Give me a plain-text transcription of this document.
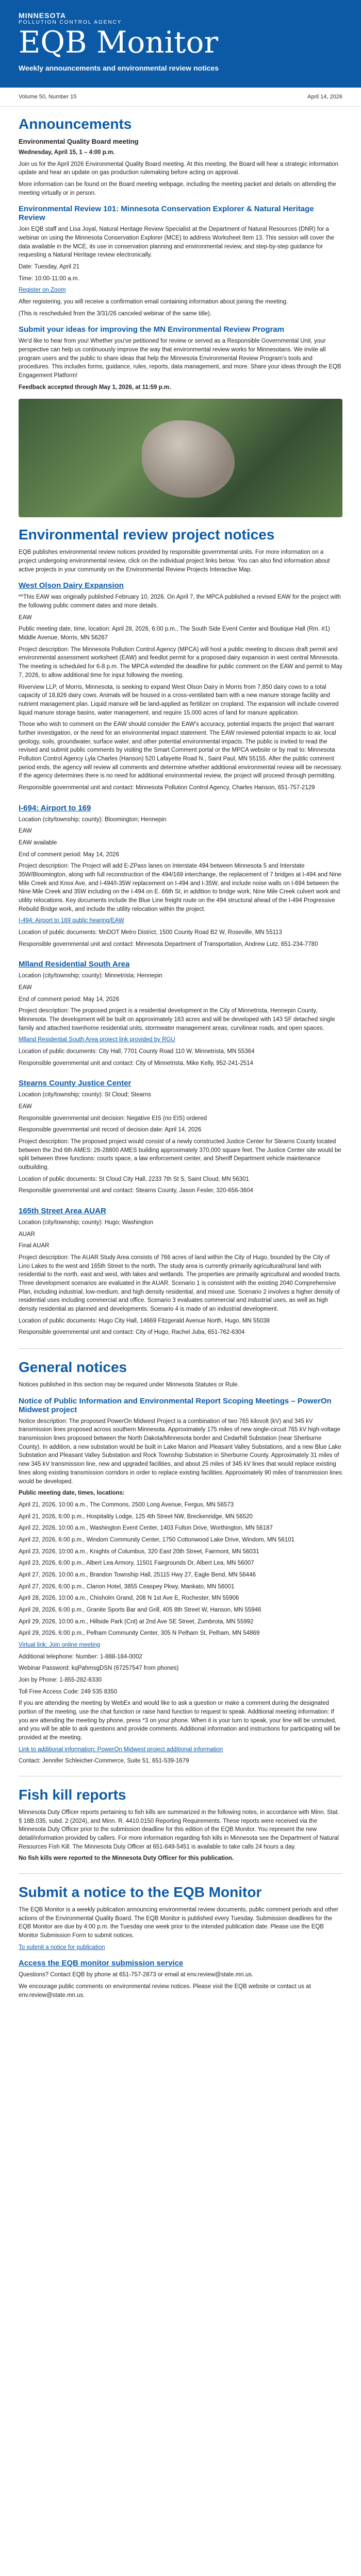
MINNESOTA
POLLUTION CONTROL AGENCY
EQB Monitor
Weekly announcements and environmental review notices
Volume 50, Number 15	April 14, 2026
Announcements
Environmental Quality Board meeting

Wednesday, April 15, 1 – 4:00 p.m.

Join us for the April 2026 Environmental Quality Board meeting. At this meeting, the Board will hear a strategic information update and hear an update on gas production rulemaking before acting on approval.

More information can be found on the Board meeting webpage, including the meeting packet and details on attending the meeting virtually or in person.

Environmental Review 101: Minnesota Conservation Explorer & Natural Heritage Review

Join EQB staff and Lisa Joyal, Natural Heritage Review Specialist at the Department of Natural Resources (DNR) for a webinar on using the Minnesota Conservation Explorer (MCE) to address Worksheet Item 13. This session will cover the data available in the MCE, its use in conservation planning and environmental review, and step-by-step guidance for requesting a Natural Heritage review electronically.

Date: Tuesday, April 21

Time: 10:00-11:00 a.m.

Register on Zoom

After registering, you will receive a confirmation email containing information about joining the meeting.

(This is rescheduled from the 3/31/26 canceled webinar of the same title).

Submit your ideas for improving the MN Environmental Review Program

We'd like to hear from you! Whether you've petitioned for review or served as a Responsible Governmental Unit, your perspective can help us continuously improve the way that environmental review works for Minnesotans. We invite all program users and the public to share ideas that help the Minnesota Environmental Review Program's tools and procedures. This includes forms, guidance, rules, reports, data management, and more. Share your ideas through the EQB Engagement Platform!

Feedback accepted through May 1, 2026, at 11:59 p.m.

Environmental review project notices

EQB publishes environmental review notices provided by responsible governmental units. For more information on a project undergoing environmental review, click on the individual project links below. You can also find information about active projects in your community on the Environmental Review Projects Interactive Map.

West Olson Dairy Expansion

**This EAW was originally published February 10, 2026. On April 7, the MPCA published a revised EAW for the project with the following public comment dates and more details.

EAW

Public meeting date, time, location: April 28, 2026, 6:00 p.m., The South Side Event Center and Boutique Hall (Rm. #1) Middle Avenue, Morris, MN 56267

Project description: The Minnesota Pollution Control Agency (MPCA) will host a public meeting to discuss draft permit and environmental assessment worksheet (EAW) and feedlot permit for a proposed dairy expansion in west central Minnesota. The meeting is scheduled for 6-8 p.m. The MPCA extended the deadline for public comment on the EAW and permit to May 7, 2026, to allow additional time for input following the meeting.

Riverview LLP, of Morris, Minnesota, is seeking to expand West Olson Dairy in Morris from 7,850 dairy cows to a total capacity of 18,826 dairy cows. Animals will be housed in a cross-ventilated barn with a new manure storage facility and nutrient management plan. Liquid manure will be land-applied as fertilizer on cropland. The expansion will include covered liquid manure storage basins, water management, and require 15,000 acres of land for manure application.

Those who wish to comment on the EAW should consider the EAW's accuracy, potential impacts the project that warrant further investigation, or the need for an environmental impact statement. The EAW reviewed potential impacts to air, local geology, soils, groundwater, surface water, and other potential environmental impacts. The public is invited to read the revised and submit public comments by visiting the Smart Comment portal or the MPCA website or by mail to: Minnesota Pollution Control Agency Lyla Charles (Hanson) 520 Lafayette Road N., Saint Paul, MN 55155. After the public comment period ends, the agency will review all comments and determine whether additional environmental review will be necessary. If the agency determines there is no need for additional environmental review, the project will proceed through permitting.

Responsible governmental unit and contact: Minnesota Pollution Control Agency, Charles Hanson, 651-757-2129

I-694: Airport to 169

Location (city/township; county): Bloomington; Hennepin

EAW

EAW available

End of comment period: May 14, 2026

Project description: The Project will add E-ZPass lanes on Interstate 494 between Minnesota 5 and Interstate 35W/Bloomington, along with full reconstruction of the 494/169 interchange, the replacement of 7 bridges at I-494 and Nine Mile Creek and Knox Ave, and I-494/I-35W replacement on I-494 and I-35W, and include noise walls on I-694 between the Nine Mile Creek and 35W including on the I-494 on E. 66th St, in addition to bridge work, Nine Mile Creek culvert work and utility relocations. Key documents include the Blue Line freight route on the 494 structural ahead of the I-494 Progressive Rebuild Bridge work, and include the utility relocation within the project.

I-494: Airport to 169 public hearing/EAW

Location of public documents: MnDOT Metro District, 1500 County Road B2 W, Roseville, MN 55113

Responsible governmental unit and contact: Minnesota Department of Transportation, Andrew Lutz, 651-234-7780

Mlland Residential South Area

Location (city/township; county): Minnetrista; Hennepin

EAW

End of comment period: May 14, 2026

Project description: The proposed project is a residential development in the City of Minnetrista, Hennepin County, Minnesota. The development will be built on approximately 163 acres and will be developed with 143 SF detached single family and attached townhome residential units, stormwater management areas, curvilinear roads, and open spaces.

Mlland Residential South Area project link provided by RGU

Location of public documents: City Hall, 7701 County Road 110 W, Minnetrista, MN 55364

Responsible governmental unit and contact: City of Minnetrista, Mike Kelly, 952-241-2514

Stearns County Justice Center

Location (city/township; county): St Cloud; Stearns

EAW

Responsible governmental unit decision: Negative EIS (no EIS) ordered

Responsible governmental unit record of decision date: April 14, 2026

Project description: The proposed project would consist of a newly constructed Justice Center for Stearns County located between the 2nd 6th AMES: 26-28800 AMES building approximately 370,000 square feet. The Justice Center site would be split between three functions: courts space, a law enforcement center, and Sheriff Department vehicle maintenance outbuilding.

Location of public documents: St Cloud City Hall, 2233 7th St S, Saint Cloud, MN 56301

Responsible governmental unit and contact: Stearns County, Jason Fesler, 320-656-3604

165th Street Area AUAR

Location (city/township; county): Hugo; Washington

AUAR

Final AUAR

Project description: The AUAR Study Area consists of 766 acres of land within the City of Hugo, bounded by the City of Lino Lakes to the west and 165th Street to the north. The study area is currently primarily agricultural/rural land with residential to the north, east and west, with lakes and wetlands. The properties are primarily agricultural and wooded tracts. Three development scenarios are evaluated in the AUAR. Scenario 1 is consistent with the existing 2040 Comprehensive Plan, including industrial, low-medium, and high density residential, and mixed use. Scenario 2 involves a higher density of residential uses including commercial and office. Scenario 3 evaluates commercial and industrial uses, as well as high density residential as planned and developments. Scenario 4 is made of an industrial development.

Location of public documents: Hugo City Hall, 14669 Fitzgerald Avenue North, Hugo, MN 55038

Responsible governmental unit and contact: City of Hugo, Rachel Juba, 651-762-6304

General notices

Notices published in this section may be required under Minnesota Statutes or Rule.

Notice of Public Information and Environmental Report Scoping Meetings – PowerOn Midwest project

Notice description: The proposed PowerOn Midwest Project is a combination of two 765 kilovolt (kV) and 345 kV transmission lines proposed across southern Minnesota. Approximately 175 miles of new single-circuit 765 kV high-voltage transmission lines proposed between the North Dakota/Minnesota border and Cedarhill Substation (near Sherburne County). In addition, a new substation would be built in Lake Marion and Pleasant Valley Substations, and a new Blue Lake Substation and Pleasant Valley Substation and Rock Township Substation in Sherburne County. Approximately 31 miles of new 345 kV transmission line, new and upgraded facilities, and about 25 miles of 345 kV lines that would replace existing lines along existing transmission corridors in order to replace existing facilities. Approximately 90 miles of transmission lines would be developed.

Public meeting date, times, locations:

April 21, 2026, 10:00 a.m., The Commons, 2500 Long Avenue, Fergus, MN 56573

April 21, 2026, 6:00 p.m., Hospitality Lodge, 125 4th Street NW, Breckenridge, MN 56520

April 22, 2026, 10:00 a.m., Washington Event Center, 1403 Fulton Drive, Worthington, MN 56187

April 22, 2026, 6:00 p.m., Windom Community Center, 1750 Cottonwood Lake Drive, Windom, MN 56101

April 23, 2026, 10:00 a.m., Knights of Columbus, 320 East 20th Street, Fairmont, MN 56031

April 23, 2026, 6:00 p.m., Albert Lea Armory, 11501 Fairgrounds Dr, Albert Lea, MN 56007

April 27, 2026, 10:00 a.m., Brandon Township Hall, 25115 Hwy 27, Eagle Bend, MN 56446

April 27, 2026, 6:00 p.m., Clarion Hotel, 3855 Ceaspey Pkwy, Mankato, MN 56001

April 28, 2026, 10:00 a.m., Chisholm Grand, 208 N 1st Ave E, Rochester, MN 55906

April 28, 2026, 6:00 p.m., Granite Sports Bar and Grill, 405 8th Street W, Hanson, MN 55946

April 29, 2026, 10:00 a.m., Hillside Park (Cnt) at 2nd Ave SE Street, Zumbrota, MN 55992

April 29, 2026, 6:00 p.m., Pelham Community Center, 305 N Pelham St, Pelham, MN 54869

Virtual link: Join online meeting

Additional telephone: Number: 1-888-184-0002

Webinar Password: kqPahmsgDSN (67257547 from phones)

Join by Phone: 1-855-282-6330

Toll Free Access Code: 249 535 8350

If you are attending the meeting by WebEx and would like to ask a question or make a comment during the designated portion of the meeting, use the chat function or raise hand function to request to speak. Additional meeting information: If you are attending the meeting by phone, press *3 on your phone. When it is your turn to speak, your line will be unmuted, and you will be able to ask questions and provide comments. Additional information and instructions for participating will be provided at the meeting.

Link to additional information: PowerOn Midwest project additional information

Contact: Jennifer Schleicher-Commerce, Suite 51, 651-539-1679

Fish kill reports

Minnesota Duty Officer reports pertaining to fish kills are summarized in the following notes, in accordance with Minn. Stat. § 18B.035, subd. 2 (2024), and Minn. R. 4410.0150 Reporting Requirements. These reports were received via the Minnesota Duty Officer prior to the submission deadline for this edition of the EQB Monitor. You represent the new detail/information provided by callers. For more information regarding fish kills in Minnesota see the Department of Natural Resources Fish Kill. The Minnesota Duty Officer at 651-649-5451 is available to take calls 24 hours a day.

No fish kills were reported to the Minnesota Duty Officer for this publication.

Submit a notice to the EQB Monitor

The EQB Monitor is a weekly publication announcing environmental review documents, public comment periods and other actions of the Environmental Quality Board. The EQB Monitor is published every Tuesday. Submission deadlines for the EQB Monitor are due by 4:00 p.m. the Tuesday one week prior to the intended publication date. Please use the EQB Monitor Submission Form to submit notices.

To submit a notice for publication

Access the EQB monitor submission service

Questions? Contact EQB by phone at 651-757-2873 or email at env.review@state.mn.us.

We encourage public comments on environmental review notices. Please visit the EQB website or contact us at env.review@state.mn.us.
